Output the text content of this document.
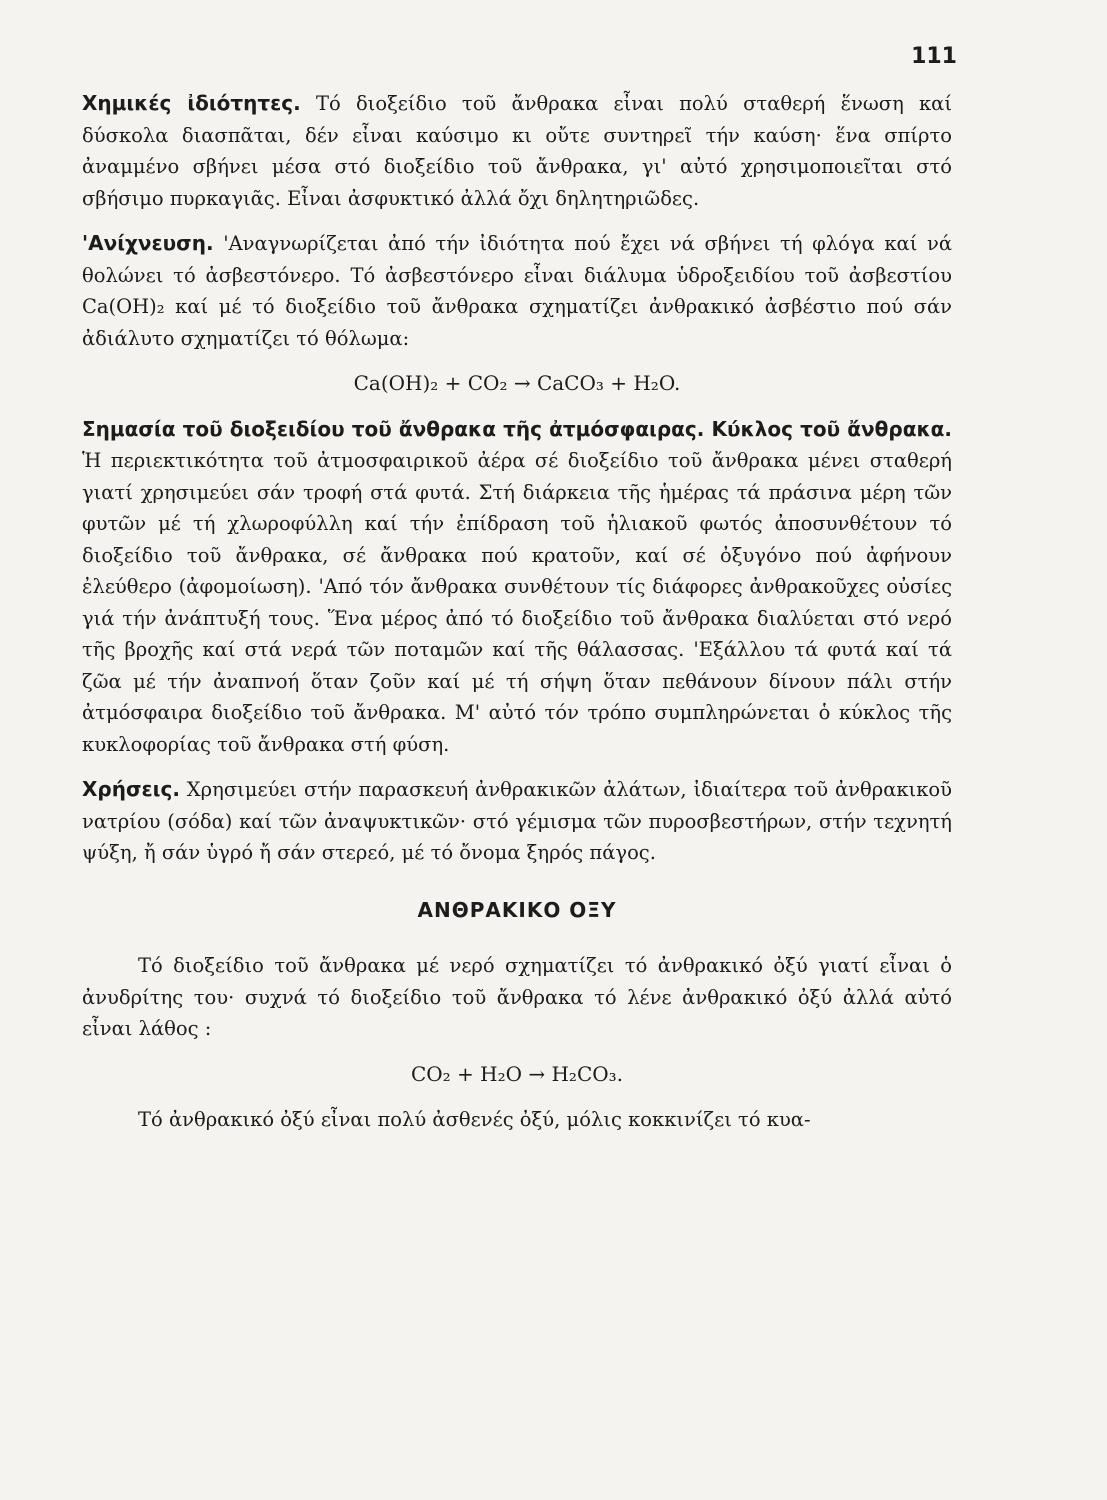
111

Χημικές ἰδιότητες. Τό διοξείδιο τοῦ ἄνθρακα εἶναι πολύ σταθερή ἕνωση καί δύσκολα διασπᾶται, δέν εἶναι καύσιμο κι οὔτε συντηρεῖ τήν καύση· ἕνα σπίρτο ἀναμμένο σβήνει μέσα στό διοξείδιο τοῦ ἄνθρακα, γι' αὐτό χρησιμοποιεῖται στό σβήσιμο πυρκαγιᾶς. Εἶναι ἀσφυκτικό ἀλλά ὄχι δηλητηριῶδες.

'Ανίχνευση. 'Αναγνωρίζεται ἀπό τήν ἰδιότητα πού ἔχει νά σβήνει τή φλόγα καί νά θολώνει τό ἀσβεστόνερο. Τό ἀσβεστόνερο εἶναι διάλυμα ὑδροξειδίου τοῦ ἀσβεστίου Ca(OH)₂ καί μέ τό διοξείδιο τοῦ ἄνθρακα σχηματίζει ἀνθρακικό ἀσβέστιο πού σάν ἀδιάλυτο σχηματίζει τό θόλωμα:

Ca(OH)₂ + CO₂ → CaCO₃ + H₂O.

Σημασία τοῦ διοξειδίου τοῦ ἄνθρακα τῆς ἀτμόσφαιρας. Κύκλος τοῦ ἄνθρακα. Ἡ περιεκτικότητα τοῦ ἀτμοσφαιρικοῦ ἀέρα σέ διοξείδιο τοῦ ἄνθρακα μένει σταθερή γιατί χρησιμεύει σάν τροφή στά φυτά. Στή διάρκεια τῆς ἡμέρας τά πράσινα μέρη τῶν φυτῶν μέ τή χλωροφύλλη καί τήν ἐπίδραση τοῦ ἡλιακοῦ φωτός ἀποσυνθέτουν τό διοξείδιο τοῦ ἄνθρακα, σέ ἄνθρακα πού κρατοῦν, καί σέ ὀξυγόνο πού ἀφήνουν ἐλεύθερο (ἀφομοίωση). 'Από τόν ἄνθρακα συνθέτουν τίς διάφορες ἀνθρακοῦχες οὐσίες γιά τήν ἀνάπτυξή τους. Ἕνα μέρος ἀπό τό διοξείδιο τοῦ ἄνθρακα διαλύεται στό νερό τῆς βροχῆς καί στά νερά τῶν ποταμῶν καί τῆς θάλασσας. 'Εξάλλου τά φυτά καί τά ζῶα μέ τήν ἀναπνοή ὅταν ζοῦν καί μέ τή σήψη ὅταν πεθάνουν δίνουν πάλι στήν ἀτμόσφαιρα διοξείδιο τοῦ ἄνθρακα. Μ' αὐτό τόν τρόπο συμπληρώνεται ὁ κύκλος τῆς κυκλοφορίας τοῦ ἄνθρακα στή φύση.

Χρήσεις. Χρησιμεύει στήν παρασκευή ἀνθρακικῶν ἀλάτων, ἰδιαίτερα τοῦ ἀνθρακικοῦ νατρίου (σόδα) καί τῶν ἀναψυκτικῶν· στό γέμισμα τῶν πυροσβεστήρων, στήν τεχνητή ψύξη, ἤ σάν ὑγρό ἤ σάν στερεό, μέ τό ὄνομα ξηρός πάγος.

ΑΝΘΡΑΚΙΚΟ ΟΞΥ

Τό διοξείδιο τοῦ ἄνθρακα μέ νερό σχηματίζει τό ἀνθρακικό ὀξύ γιατί εἶναι ὁ ἀνυδρίτης του· συχνά τό διοξείδιο τοῦ ἄνθρακα τό λένε ἀνθρακικό ὀξύ ἀλλά αὐτό εἶναι λάθος :

CO₂ + H₂O → H₂CO₃.

Τό ἀνθρακικό ὀξύ εἶναι πολύ ἀσθενές ὀξύ, μόλις κοκκινίζει τό κυα-
